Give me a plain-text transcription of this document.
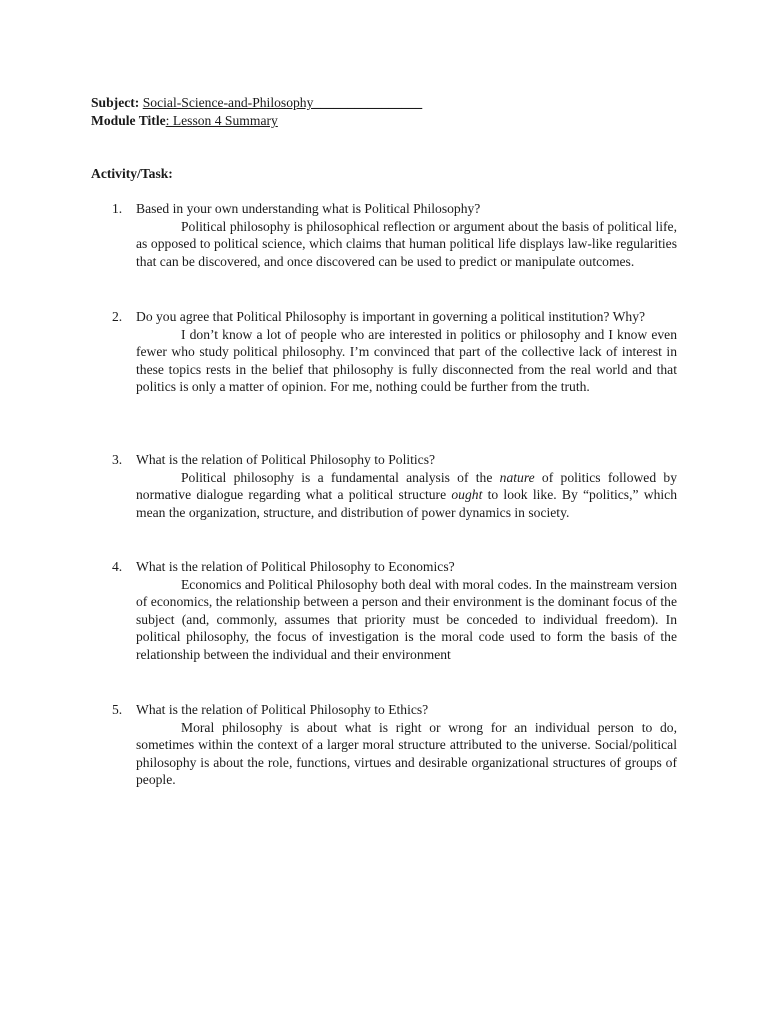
Subject: Social-Science-and-Philosophy________________
Module Title: Lesson 4 Summary
Activity/Task:
1. Based in your own understanding what is Political Philosophy?

Political philosophy is philosophical reflection or argument about the basis of political life, as opposed to political science, which claims that human political life displays law-like regularities that can be discovered, and once discovered can be used to predict or manipulate outcomes.

2. Do you agree that Political Philosophy is important in governing a political institution? Why?

I don’t know a lot of people who are interested in politics or philosophy and I know even fewer who study political philosophy. I’m convinced that part of the collective lack of interest in these topics rests in the belief that philosophy is fully disconnected from the real world and that politics is only a matter of opinion. For me, nothing could be further from the truth.

3. What is the relation of Political Philosophy to Politics?

Political philosophy is a fundamental analysis of the nature of politics followed by normative dialogue regarding what a political structure ought to look like. By “politics,” which mean the organization, structure, and distribution of power dynamics in society.

4. What is the relation of Political Philosophy to Economics?

Economics and Political Philosophy both deal with moral codes. In the mainstream version of economics, the relationship between a person and their environment is the dominant focus of the subject (and, commonly, assumes that priority must be conceded to individual freedom). In political philosophy, the focus of investigation is the moral code used to form the basis of the relationship between the individual and their environment

5. What is the relation of Political Philosophy to Ethics?

Moral philosophy is about what is right or wrong for an individual person to do, sometimes within the context of a larger moral structure attributed to the universe. Social/political philosophy is about the role, functions, virtues and desirable organizational structures of groups of people.
